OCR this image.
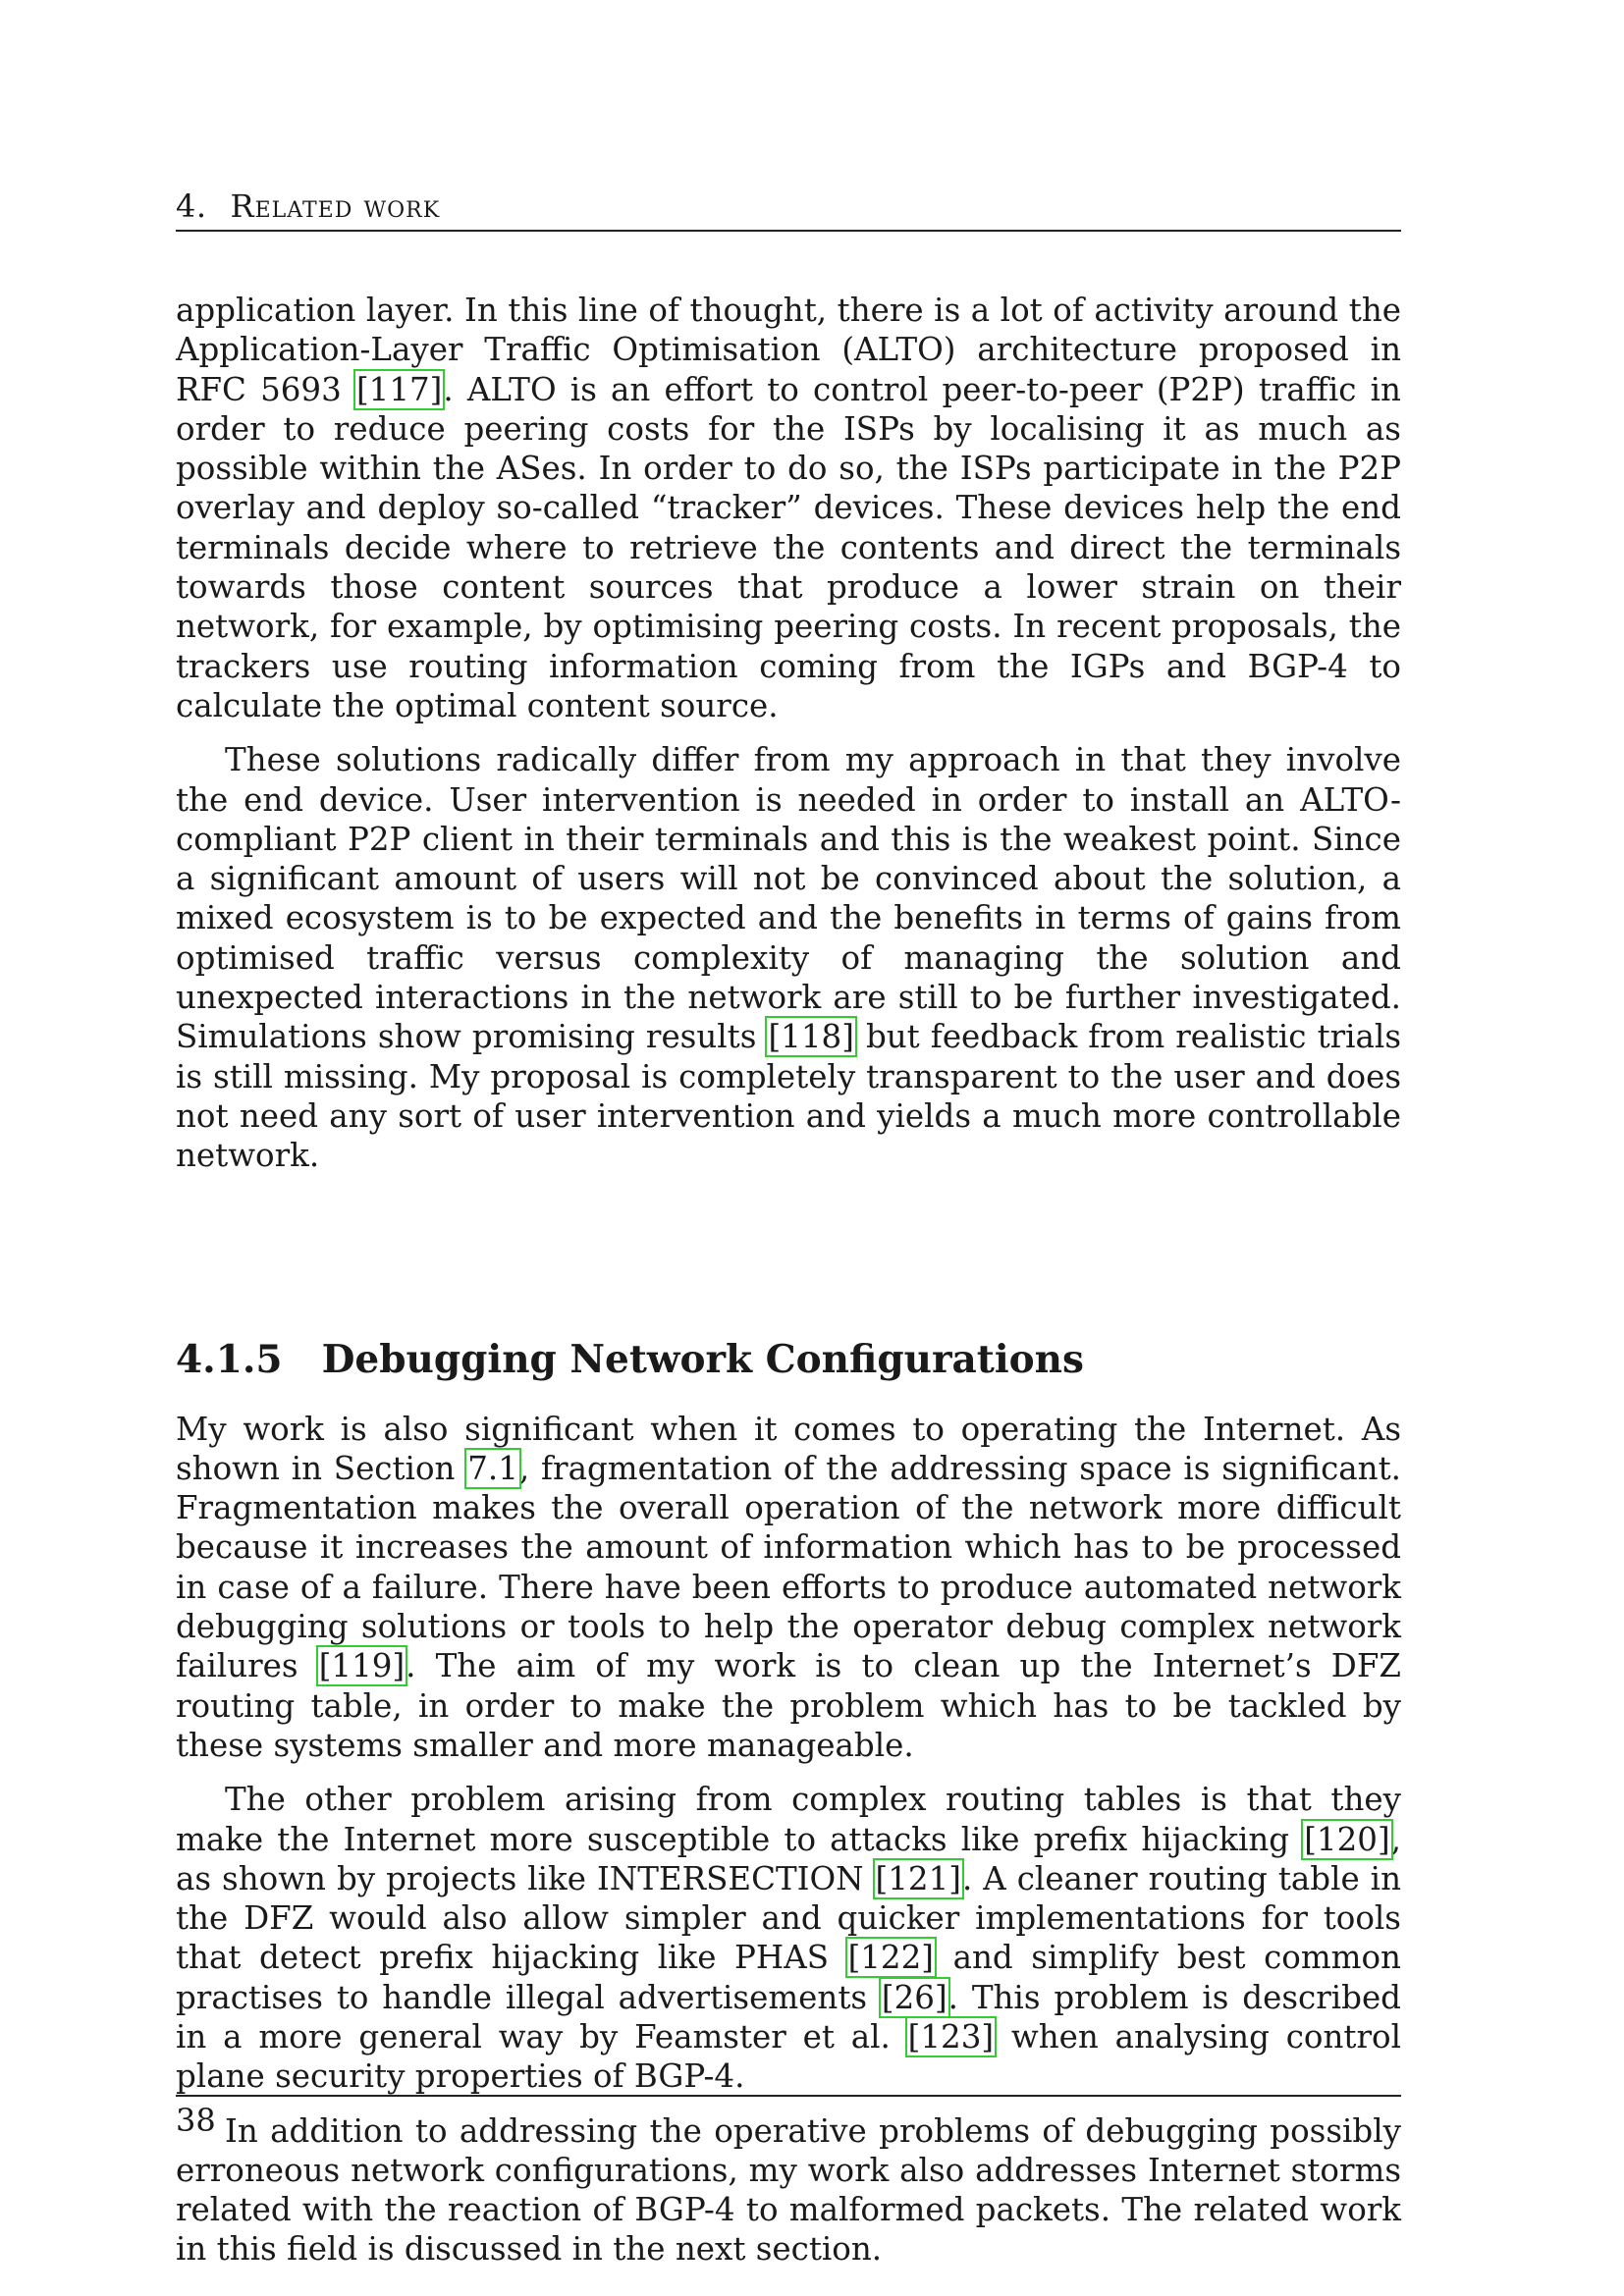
4. Related work

application layer. In this line of thought, there is a lot of activity around the Application-Layer Traffic Optimisation (ALTO) architecture proposed in RFC 5693 [117]. ALTO is an effort to control peer-to-peer (P2P) traffic in order to reduce peering costs for the ISPs by localising it as much as possible within the ASes. In order to do so, the ISPs participate in the P2P overlay and deploy so-called “tracker” devices. These devices help the end terminals decide where to retrieve the contents and direct the terminals towards those content sources that produce a lower strain on their network, for example, by optimising peering costs. In recent proposals, the trackers use routing information coming from the IGPs and BGP-4 to calculate the optimal content source.

These solutions radically differ from my approach in that they involve the end device. User intervention is needed in order to install an ALTO-compliant P2P client in their terminals and this is the weakest point. Since a significant amount of users will not be convinced about the solution, a mixed ecosystem is to be expected and the benefits in terms of gains from optimised traffic versus complexity of managing the solution and unexpected interactions in the network are still to be further investigated. Simulations show promising results [118] but feedback from realistic trials is still missing. My proposal is completely transparent to the user and does not need any sort of user intervention and yields a much more controllable network.

4.1.5 Debugging Network Configurations

My work is also significant when it comes to operating the Internet. As shown in Section 7.1, fragmentation of the addressing space is significant. Fragmentation makes the overall operation of the network more difficult because it increases the amount of information which has to be processed in case of a failure. There have been efforts to produce automated network debugging solutions or tools to help the operator debug complex network failures [119]. The aim of my work is to clean up the Internet’s DFZ routing table, in order to make the problem which has to be tackled by these systems smaller and more manageable.

The other problem arising from complex routing tables is that they make the Internet more susceptible to attacks like prefix hijacking [120], as shown by projects like INTERSECTION [121]. A cleaner routing table in the DFZ would also allow simpler and quicker implementations for tools that detect prefix hijacking like PHAS [122] and simplify best common practises to handle illegal advertisements [26]. This problem is described in a more general way by Feamster et al. [123] when analysing control plane security properties of BGP-4.

In addition to addressing the operative problems of debugging possibly erroneous network configurations, my work also addresses Internet storms related with the reaction of BGP-4 to malformed packets. The related work in this field is discussed in the next section.

38
